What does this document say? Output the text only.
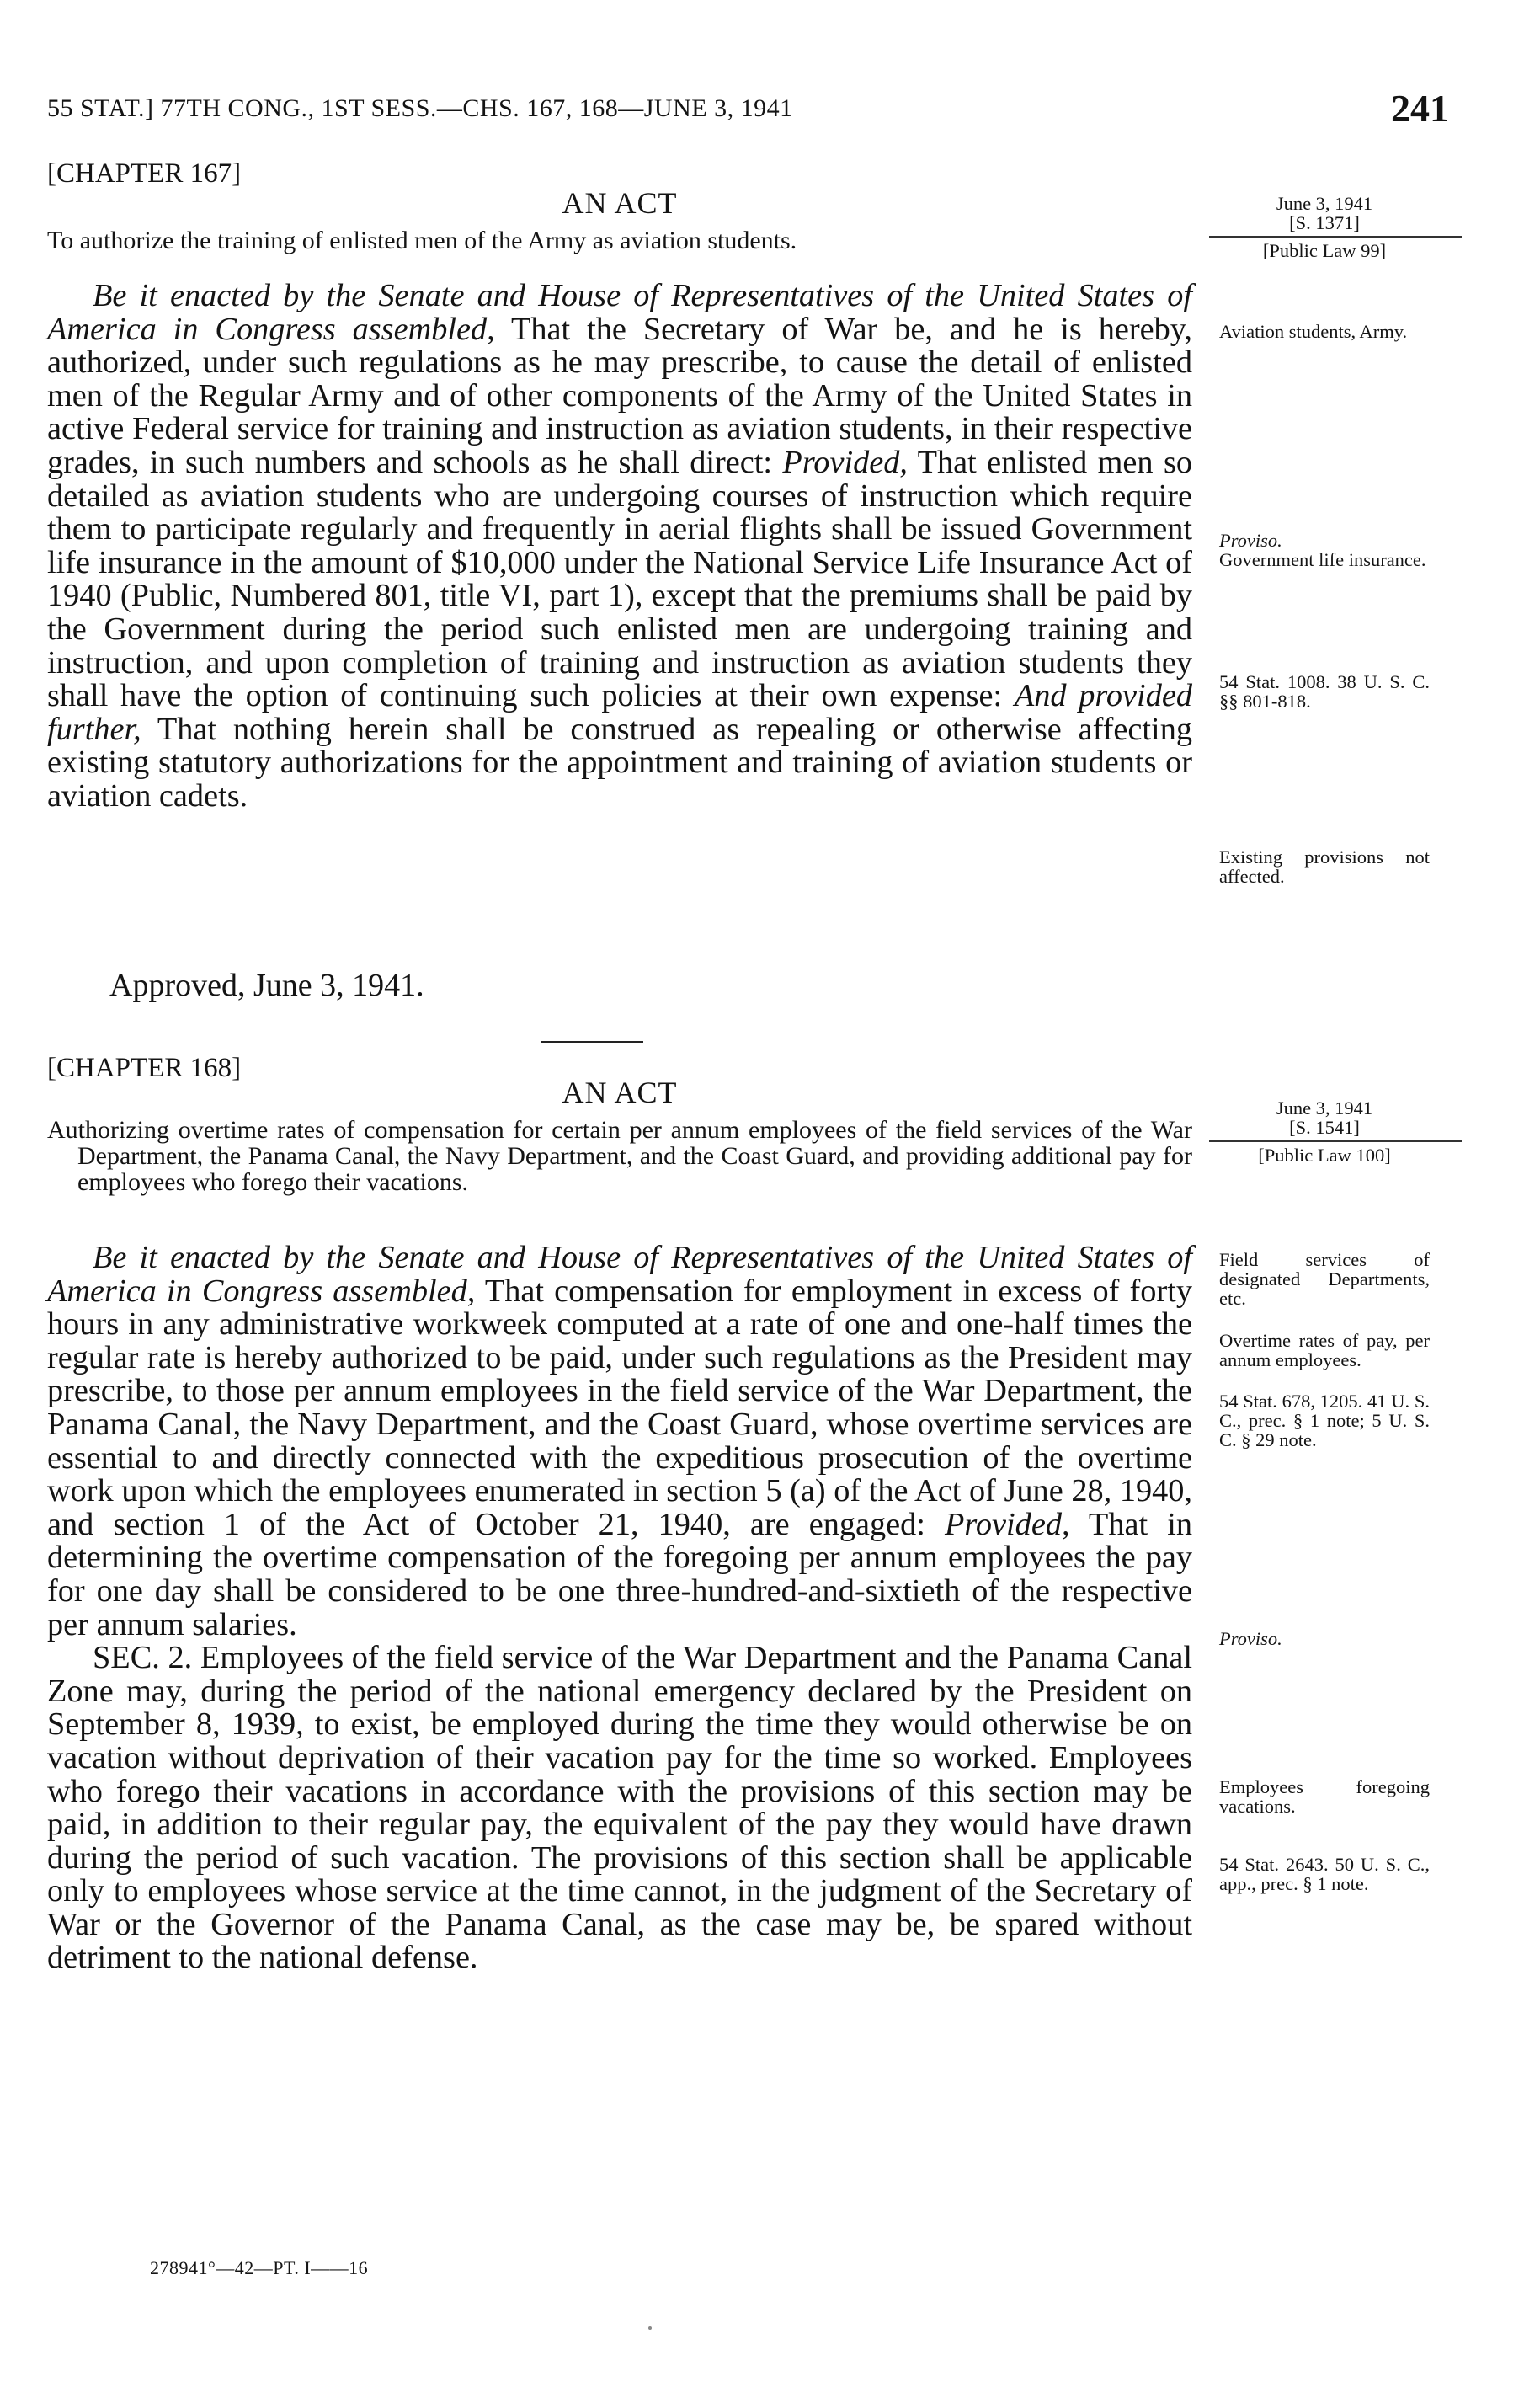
55 STAT.] 77TH CONG., 1ST SESS.—CHS. 167, 168—JUNE 3, 1941	241
[CHAPTER 167]
AN ACT
To authorize the training of enlisted men of the Army as aviation students.

Be it enacted by the Senate and House of Representatives of the United States of America in Congress assembled, That the Secretary of War be, and he is hereby, authorized, under such regulations as he may prescribe, to cause the detail of enlisted men of the Regular Army and of other components of the Army of the United States in active Federal service for training and instruction as aviation students, in their respective grades, in such numbers and schools as he shall direct: Provided, That enlisted men so detailed as aviation students who are undergoing courses of instruction which require them to participate regularly and frequently in aerial flights shall be issued Government life insurance in the amount of $10,000 under the National Service Life Insurance Act of 1940 (Public, Numbered 801, title VI, part 1), except that the premiums shall be paid by the Government during the period such enlisted men are undergoing training and instruction, and upon completion of training and instruction as aviation students they shall have the option of continuing such policies at their own expense: And provided further, That nothing herein shall be construed as repealing or otherwise affecting existing statutory authorizations for the appointment and training of aviation students or aviation cadets.

Approved, June 3, 1941.
June 3, 1941
[S. 1371]
[Public Law 99]
Aviation students, Army.
Proviso.
Government life insurance.
54 Stat. 1008. 38 U. S. C. §§ 801-818.
Existing provisions not affected.
[CHAPTER 168]
AN ACT
Authorizing overtime rates of compensation for certain per annum employees of the field services of the War Department, the Panama Canal, the Navy Department, and the Coast Guard, and providing additional pay for employees who forego their vacations.

Be it enacted by the Senate and House of Representatives of the United States of America in Congress assembled, That compensation for employment in excess of forty hours in any administrative workweek computed at a rate of one and one-half times the regular rate is hereby authorized to be paid, under such regulations as the President may prescribe, to those per annum employees in the field service of the War Department, the Panama Canal, the Navy Department, and the Coast Guard, whose overtime services are essential to and directly connected with the expeditious prosecution of the overtime work upon which the employees enumerated in section 5 (a) of the Act of June 28, 1940, and section 1 of the Act of October 21, 1940, are engaged: Provided, That in determining the overtime compensation of the foregoing per annum employees the pay for one day shall be considered to be one three-hundred-and-sixtieth of the respective per annum salaries.

SEC. 2. Employees of the field service of the War Department and the Panama Canal Zone may, during the period of the national emergency declared by the President on September 8, 1939, to exist, be employed during the time they would otherwise be on vacation without deprivation of their vacation pay for the time so worked. Employees who forego their vacations in accordance with the provisions of this section may be paid, in addition to their regular pay, the equivalent of the pay they would have drawn during the period of such vacation. The provisions of this section shall be applicable only to employees whose service at the time cannot, in the judgment of the Secretary of War or the Governor of the Panama Canal, as the case may be, be spared without detriment to the national defense.

June 3, 1941
[S. 1541]
[Public Law 100]
Field services of designated Departments, etc.
Overtime rates of pay, per annum employees.
54 Stat. 678, 1205. 41 U. S. C., prec. § 1 note; 5 U. S. C. § 29 note.
Proviso.
Employees foregoing vacations.
54 Stat. 2643. 50 U. S. C., app., prec. § 1 note.
278941°—42—PT. I——16
